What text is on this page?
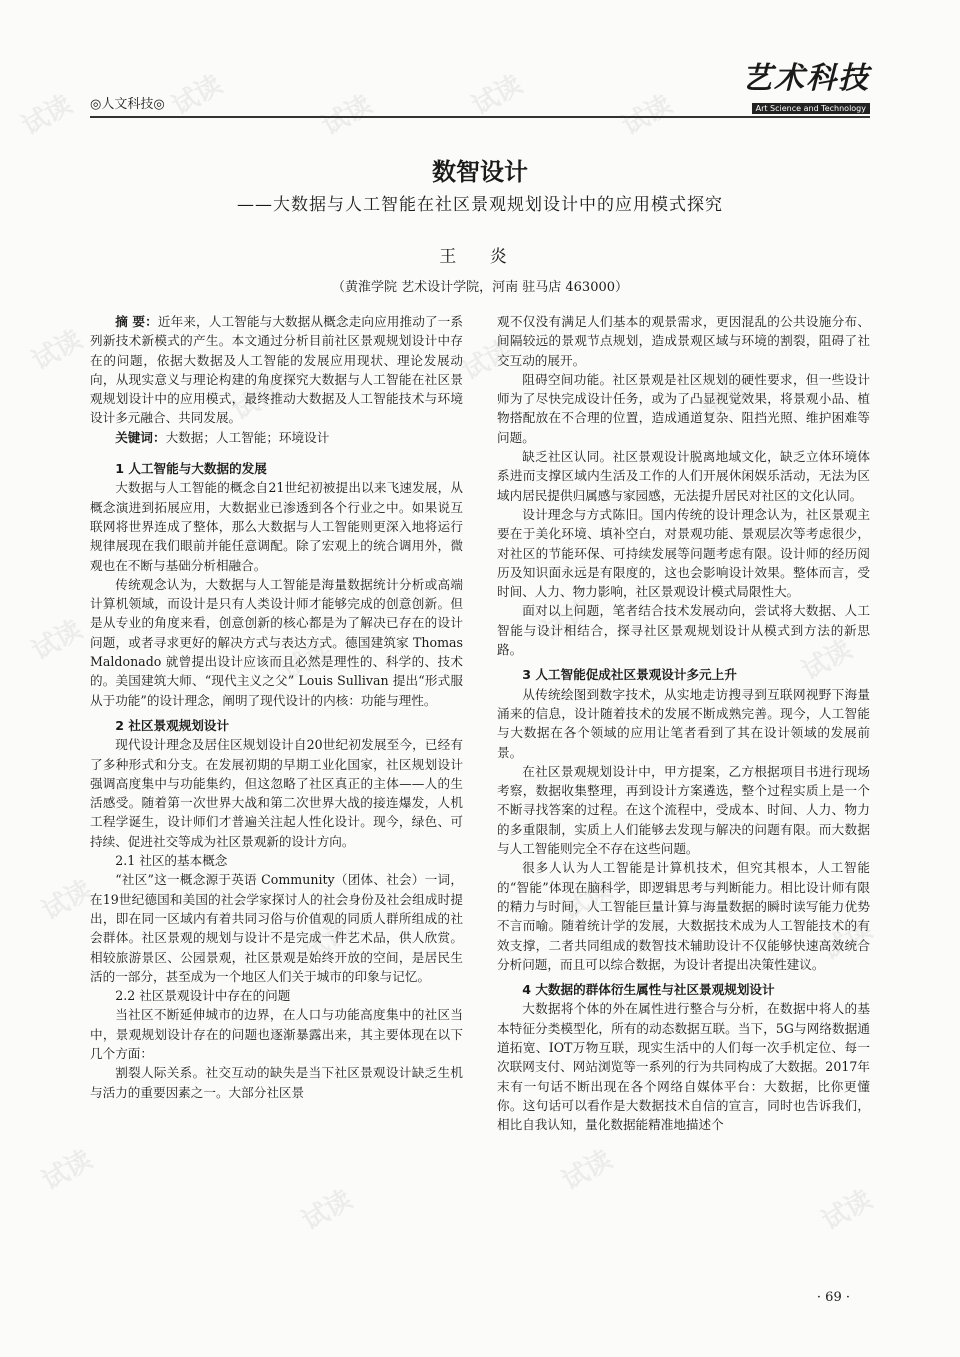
试读	试读	试读	试读	试读
试读
试读
试读
试读
试读	试读
试读
试读
试读
试读
试读
试读
试读
试读
试读
试读
◎人文科技◎
艺术科技
Art Science and Technology
数智设计
——大数据与人工智能在社区景观规划设计中的应用模式探究
王 炎
（黄淮学院 艺术设计学院，河南 驻马店 463000）

摘 要：近年来，人工智能与大数据从概念走向应用推动了一系列新技术新模式的产生。本文通过分析目前社区景观规划设计中存在的问题，依据大数据及人工智能的发展应用现状、理论发展动向，从现实意义与理论构建的角度探究大数据与人工智能在社区景观规划设计中的应用模式，最终推动大数据及人工智能技术与环境设计多元融合、共同发展。

关键词：大数据；人工智能；环境设计

1 人工智能与大数据的发展

大数据与人工智能的概念自21世纪初被提出以来飞速发展，从概念演进到拓展应用，大数据业已渗透到各个行业之中。如果说互联网将世界连成了整体，那么大数据与人工智能则更深入地将运行规律展现在我们眼前并能任意调配。除了宏观上的统合调用外，微观也在不断与基础分析相融合。

传统观念认为，大数据与人工智能是海量数据统计分析或高端计算机领域，而设计是只有人类设计师才能够完成的创意创新。但是从专业的角度来看，创意创新的核心都是为了解决已存在的设计问题，或者寻求更好的解决方式与表达方式。德国建筑家 Thomas Maldonado 就曾提出设计应该而且必然是理性的、科学的、技术的。美国建筑大师、“现代主义之父” Louis Sullivan 提出“形式服从于功能”的设计理念，阐明了现代设计的内核：功能与理性。

2 社区景观规划设计

现代设计理念及居住区规划设计自20世纪初发展至今，已经有了多种形式和分支。在发展初期的早期工业化国家，社区规划设计强调高度集中与功能集约，但这忽略了社区真正的主体——人的生活感受。随着第一次世界大战和第二次世界大战的接连爆发，人机工程学诞生，设计师们才普遍关注起人性化设计。现今，绿色、可持续、促进社交等成为社区景观新的设计方向。

2.1 社区的基本概念

“社区”这一概念源于英语 Community（团体、社会）一词，在19世纪德国和美国的社会学家探讨人的社会身份及社会组成时提出，即在同一区域内有着共同习俗与价值观的同质人群所组成的社会群体。社区景观的规划与设计不是完成一件艺术品，供人欣赏。相较旅游景区、公园景观，社区景观是始终开放的空间，是居民生活的一部分，甚至成为一个地区人们关于城市的印象与记忆。

2.2 社区景观设计中存在的问题

当社区不断延伸城市的边界，在人口与功能高度集中的社区当中，景观规划设计存在的问题也逐渐暴露出来，其主要体现在以下几个方面：

割裂人际关系。社交互动的缺失是当下社区景观设计缺乏生机与活力的重要因素之一。大部分社区景

观不仅没有满足人们基本的观景需求，更因混乱的公共设施分布、间隔较远的景观节点规划，造成景观区域与环境的割裂，阻碍了社交互动的展开。

阻碍空间功能。社区景观是社区规划的硬性要求，但一些设计师为了尽快完成设计任务，或为了凸显视觉效果，将景观小品、植物搭配放在不合理的位置，造成通道复杂、阻挡光照、维护困难等问题。

缺乏社区认同。社区景观设计脱离地域文化，缺乏立体环境体系进而支撑区域内生活及工作的人们开展休闲娱乐活动，无法为区域内居民提供归属感与家园感，无法提升居民对社区的文化认同。

设计理念与方式陈旧。国内传统的设计理念认为，社区景观主要在于美化环境、填补空白，对景观功能、景观层次等考虑很少，对社区的节能环保、可持续发展等问题考虑有限。设计师的经历阅历及知识面永远是有限度的，这也会影响设计效果。整体而言，受时间、人力、物力影响，社区景观设计模式局限性大。

面对以上问题，笔者结合技术发展动向，尝试将大数据、人工智能与设计相结合，探寻社区景观规划设计从模式到方法的新思路。

3 人工智能促成社区景观设计多元上升

从传统绘图到数字技术，从实地走访搜寻到互联网视野下海量涌来的信息，设计随着技术的发展不断成熟完善。现今，人工智能与大数据在各个领域的应用让笔者看到了其在设计领域的发展前景。

在社区景观规划设计中，甲方提案，乙方根据项目书进行现场考察，数据收集整理，再到设计方案遴选，整个过程实质上是一个不断寻找答案的过程。在这个流程中，受成本、时间、人力、物力的多重限制，实质上人们能够去发现与解决的问题有限。而大数据与人工智能则完全不存在这些问题。

很多人认为人工智能是计算机技术，但究其根本，人工智能的“智能”体现在脑科学，即逻辑思考与判断能力。相比设计师有限的精力与时间，人工智能巨量计算与海量数据的瞬时读写能力优势不言而喻。随着统计学的发展，大数据技术成为人工智能技术的有效支撑，二者共同组成的数智技术辅助设计不仅能够快速高效统合分析问题，而且可以综合数据，为设计者提出决策性建议。

4 大数据的群体衍生属性与社区景观规划设计

大数据将个体的外在属性进行整合与分析，在数据中将人的基本特征分类模型化，所有的动态数据互联。当下，5G与网络数据通道拓宽、IOT万物互联，现实生活中的人们每一次手机定位、每一次联网支付、网站浏览等一系列的行为共同构成了大数据。2017年末有一句话不断出现在各个网络自媒体平台：大数据，比你更懂你。这句话可以看作是大数据技术自信的宣言，同时也告诉我们，相比自我认知，量化数据能精准地描述个

· 69 ·
